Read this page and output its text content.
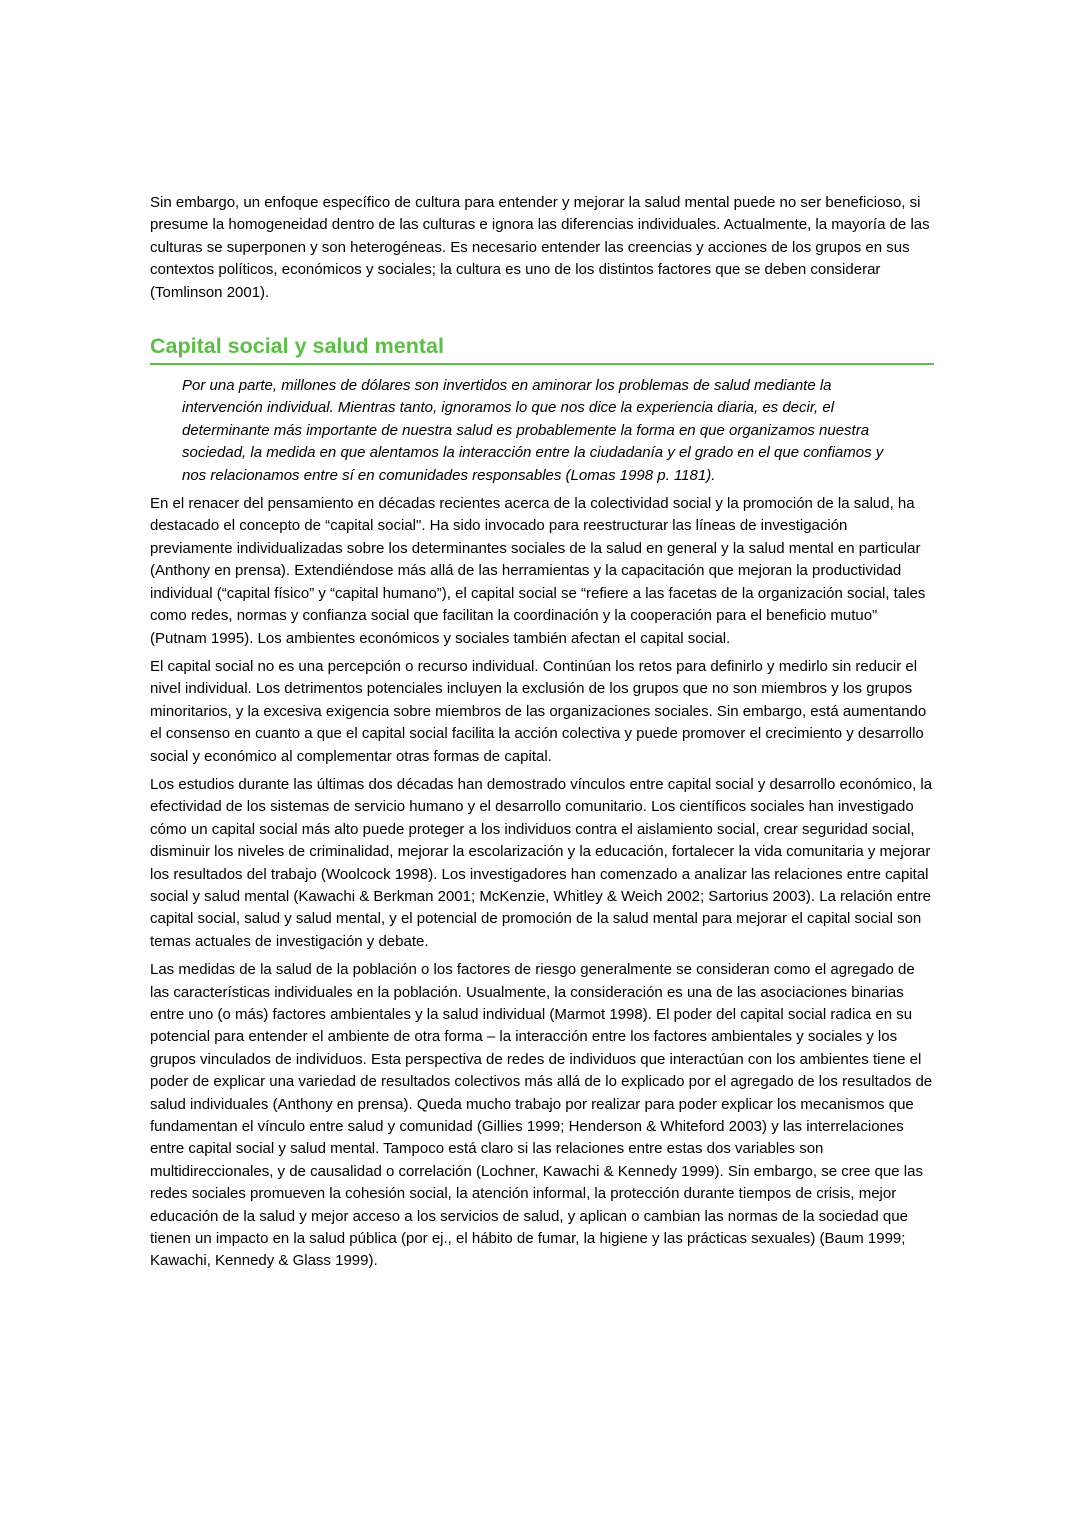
Sin embargo, un enfoque específico de cultura para entender y mejorar la salud mental puede no ser beneficioso, si presume la homogeneidad dentro de las culturas e ignora las diferencias individuales. Actualmente, la mayoría de las culturas se superponen y son heterogéneas. Es necesario entender las creencias y acciones de los grupos en sus contextos políticos, económicos y sociales; la cultura es uno de los distintos factores que se deben considerar (Tomlinson 2001).

Capital social y salud mental

Por una parte, millones de dólares son invertidos en aminorar los problemas de salud mediante la intervención individual. Mientras tanto, ignoramos lo que nos dice la experiencia diaria, es decir, el determinante más importante de nuestra salud es probablemente la forma en que organizamos nuestra sociedad, la medida en que alentamos la interacción entre la ciudadanía y el grado en el que confiamos y nos relacionamos entre sí en comunidades responsables (Lomas 1998 p. 1181).

En el renacer del pensamiento en décadas recientes acerca de la colectividad social y la promoción de la salud, ha destacado el concepto de “capital social". Ha sido invocado para reestructurar las líneas de investigación previamente individualizadas sobre los determinantes sociales de la salud en general y la salud mental en particular (Anthony en prensa). Extendiéndose más allá de las herramientas y la capacitación que mejoran la productividad individual (“capital físico” y “capital humano”), el capital social se “refiere a las facetas de la organización social, tales como redes, normas y confianza social que facilitan la coordinación y la cooperación para el beneficio mutuo” (Putnam 1995). Los ambientes económicos y sociales también afectan el capital social.

El capital social no es una percepción o recurso individual. Continúan los retos para definirlo y medirlo sin reducir el nivel individual. Los detrimentos potenciales incluyen la exclusión de los grupos que no son miembros y los grupos minoritarios, y la excesiva exigencia sobre miembros de las organizaciones sociales. Sin embargo, está aumentando el consenso en cuanto a que el capital social facilita la acción colectiva y puede promover el crecimiento y desarrollo social y económico al complementar otras formas de capital.

Los estudios durante las últimas dos décadas han demostrado vínculos entre capital social y desarrollo económico, la efectividad de los sistemas de servicio humano y el desarrollo comunitario. Los científicos sociales han investigado cómo un capital social más alto puede proteger a los individuos contra el aislamiento social, crear seguridad social, disminuir los niveles de criminalidad, mejorar la escolarización y la educación, fortalecer la vida comunitaria y mejorar los resultados del trabajo (Woolcock 1998). Los investigadores han comenzado a analizar las relaciones entre capital social y salud mental (Kawachi & Berkman 2001; McKenzie, Whitley & Weich 2002; Sartorius 2003). La relación entre capital social, salud y salud mental, y el potencial de promoción de la salud mental para mejorar el capital social son temas actuales de investigación y debate.

Las medidas de la salud de la población o los factores de riesgo generalmente se consideran como el agregado de las características individuales en la población. Usualmente, la consideración es una de las asociaciones binarias entre uno (o más) factores ambientales y la salud individual (Marmot 1998). El poder del capital social radica en su potencial para entender el ambiente de otra forma – la interacción entre los factores ambientales y sociales y los grupos vinculados de individuos. Esta perspectiva de redes de individuos que interactúan con los ambientes tiene el poder de explicar una variedad de resultados colectivos más allá de lo explicado por el agregado de los resultados de salud individuales (Anthony en prensa). Queda mucho trabajo por realizar para poder explicar los mecanismos que fundamentan el vínculo entre salud y comunidad (Gillies 1999; Henderson & Whiteford 2003) y las interrelaciones entre capital social y salud mental. Tampoco está claro si las relaciones entre estas dos variables son multidireccionales, y de causalidad o correlación (Lochner, Kawachi & Kennedy 1999). Sin embargo, se cree que las redes sociales promueven la cohesión social, la atención informal, la protección durante tiempos de crisis, mejor educación de la salud y mejor acceso a los servicios de salud, y aplican o cambian las normas de la sociedad que tienen un impacto en la salud pública (por ej., el hábito de fumar, la higiene y las prácticas sexuales) (Baum 1999; Kawachi, Kennedy & Glass 1999).
